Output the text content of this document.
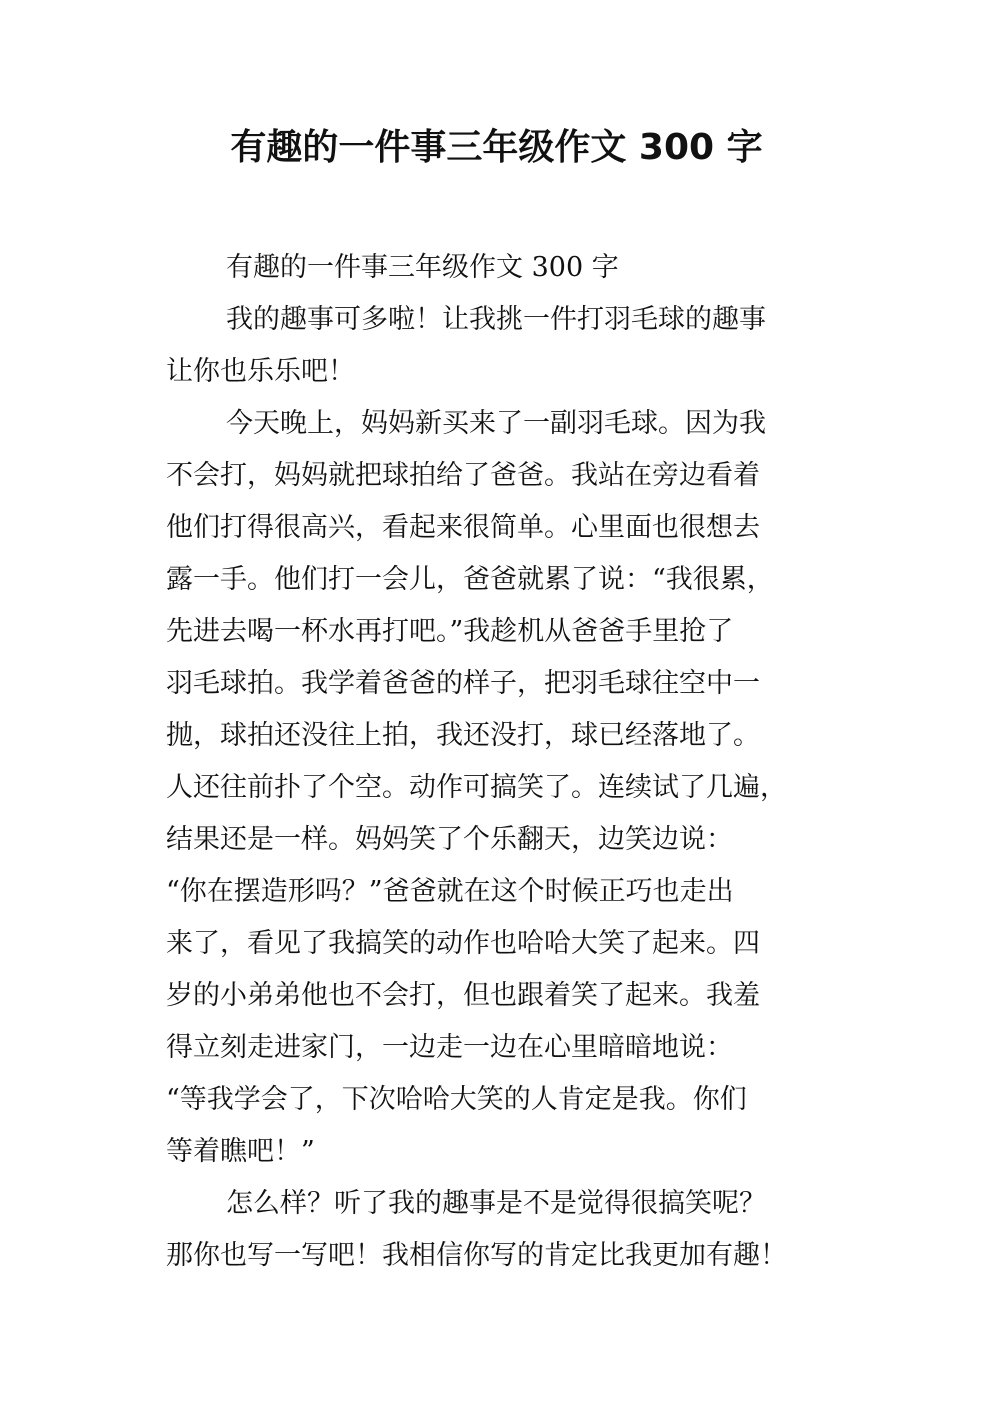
有趣的一件事三年级作文 300 字
有趣的一件事三年级作文 300 字
我的趣事可多啦！让我挑一件打羽毛球的趣事
让你也乐乐吧！
今天晚上，妈妈新买来了一副羽毛球。因为我
不会打，妈妈就把球拍给了爸爸。我站在旁边看着
他们打得很高兴，看起来很简单。心里面也很想去
露一手。他们打一会儿，爸爸就累了说：“我很累，
先进去喝一杯水再打吧。”我趁机从爸爸手里抢了
羽毛球拍。我学着爸爸的样子，把羽毛球往空中一
抛，球拍还没往上拍，我还没打，球已经落地了。
人还往前扑了个空。动作可搞笑了。连续试了几遍，
结果还是一样。妈妈笑了个乐翻天，边笑边说：
“你在摆造形吗？”爸爸就在这个时候正巧也走出
来了，看见了我搞笑的动作也哈哈大笑了起来。四
岁的小弟弟他也不会打，但也跟着笑了起来。我羞
得立刻走进家门，一边走一边在心里暗暗地说：
“等我学会了，下次哈哈大笑的人肯定是我。你们
等着瞧吧！”
怎么样？听了我的趣事是不是觉得很搞笑呢？
那你也写一写吧！我相信你写的肯定比我更加有趣！
